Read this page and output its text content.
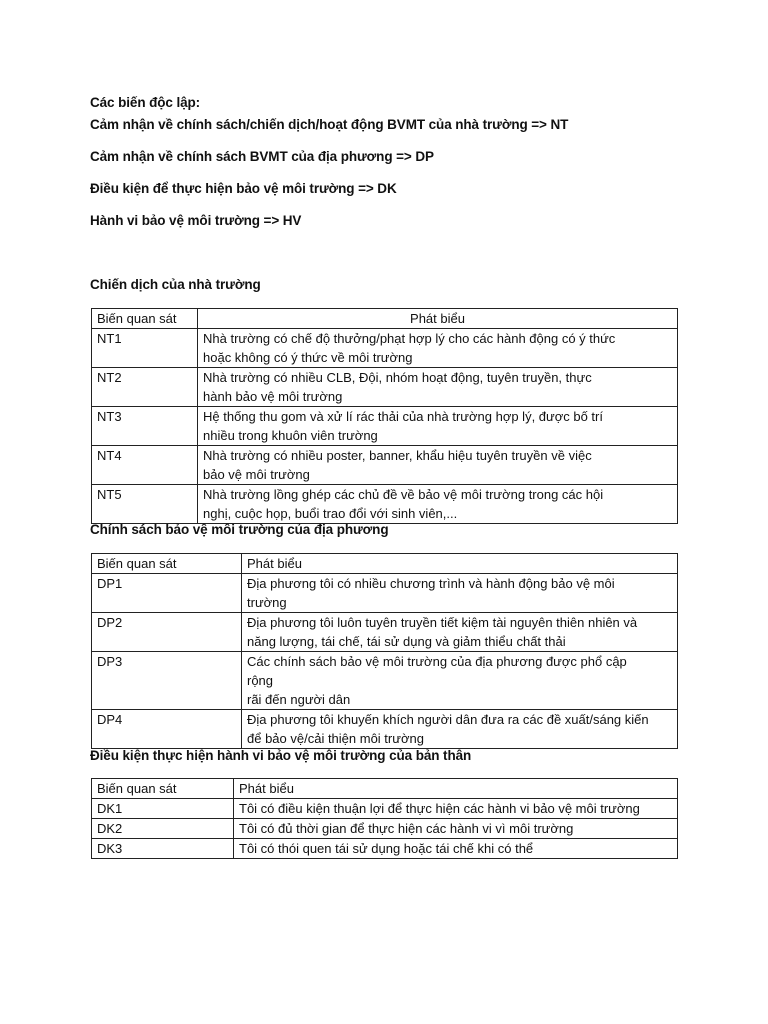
Các biến độc lập:
Cảm nhận về chính sách/chiến dịch/hoạt động BVMT của nhà trường => NT
Cảm nhận về chính sách BVMT của địa phương => DP
Điều kiện để thực hiện bảo vệ môi trường => DK
Hành vi bảo vệ môi trường => HV
Chiến dịch của nhà trường
Biến quan sát	Phát biểu
NT1	Nhà trường có chế độ thưởng/phạt hợp lý cho các hành động có ý thức
hoặc không có ý thức về môi trường
NT2	Nhà trường có nhiều CLB, Đội, nhóm hoạt động, tuyên truyền, thực
hành bảo vệ môi trường
NT3	Hệ thống thu gom và xử lí rác thải của nhà trường hợp lý, được bố trí
nhiều trong khuôn viên trường
NT4	Nhà trường có nhiều poster, banner, khẩu hiệu tuyên truyền về việc
bảo vệ môi trường
NT5	Nhà trường lồng ghép các chủ đề về bảo vệ môi trường trong các hội
nghị, cuộc họp, buổi trao đổi với sinh viên,...
Chính sách bảo vệ môi trường của địa phương
Biến quan sát	Phát biểu
DP1	Địa phương tôi có nhiều chương trình và hành động bảo vệ môi
trường
DP2	Địa phương tôi luôn tuyên truyền tiết kiệm tài nguyên thiên nhiên và
năng lượng, tái chế, tái sử dụng và giảm thiểu chất thải
DP3	Các chính sách bảo vệ môi trường của địa phương được phổ cập
rộng
rãi đến người dân
DP4	Địa phương tôi khuyến khích người dân đưa ra các đề xuất/sáng kiến
để bảo vệ/cải thiện môi trường
Điều kiện thực hiện hành vi bảo vệ môi trường của bản thân
Biến quan sát	Phát biểu
DK1	Tôi có điều kiện thuận lợi để thực hiện các hành vi bảo vệ môi trường
DK2	Tôi có đủ thời gian để thực hiện các hành vi vì môi trường
DK3	Tôi có thói quen tái sử dụng hoặc tái chế khi có thể
